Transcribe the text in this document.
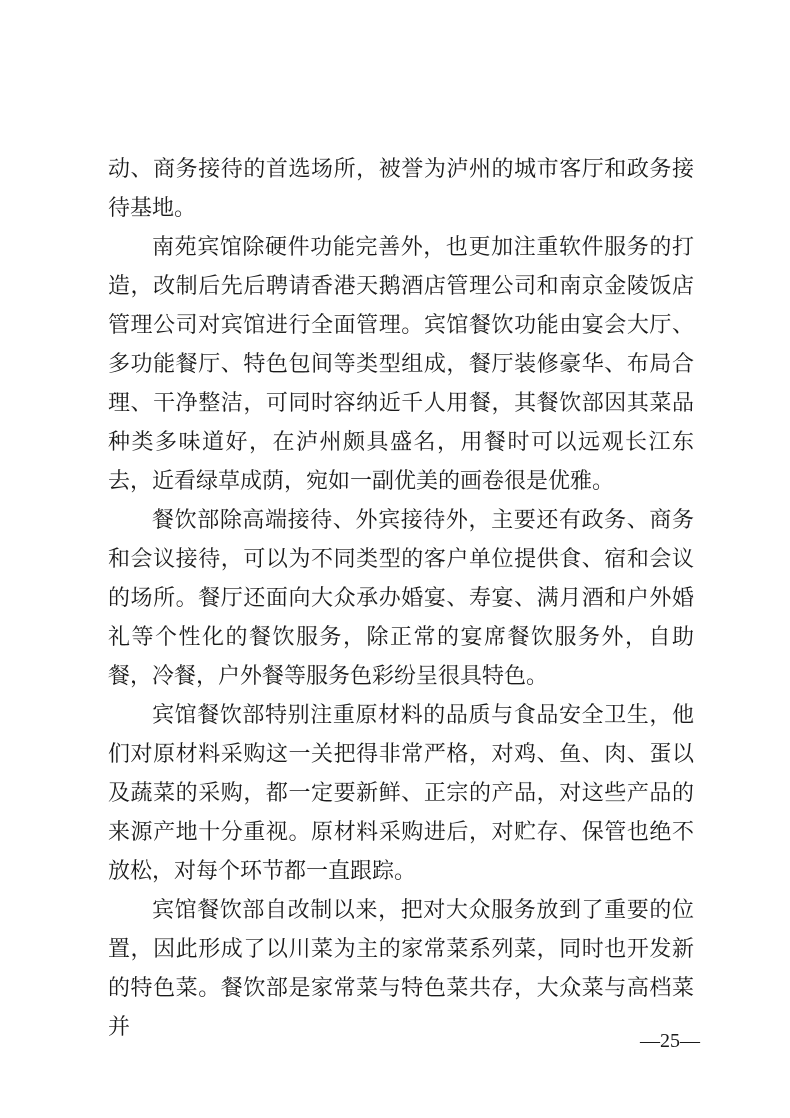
动、商务接待的首选场所，被誉为泸州的城市客厅和政务接待基地。

南苑宾馆除硬件功能完善外，也更加注重软件服务的打造，改制后先后聘请香港天鹅酒店管理公司和南京金陵饭店管理公司对宾馆进行全面管理。宾馆餐饮功能由宴会大厅、多功能餐厅、特色包间等类型组成，餐厅装修豪华、布局合理、干净整洁，可同时容纳近千人用餐，其餐饮部因其菜品种类多味道好，在泸州颇具盛名，用餐时可以远观长江东去，近看绿草成荫，宛如一副优美的画卷很是优雅。

餐饮部除高端接待、外宾接待外，主要还有政务、商务和会议接待，可以为不同类型的客户单位提供食、宿和会议的场所。餐厅还面向大众承办婚宴、寿宴、满月酒和户外婚礼等个性化的餐饮服务，除正常的宴席餐饮服务外，自助餐，冷餐，户外餐等服务色彩纷呈很具特色。

宾馆餐饮部特别注重原材料的品质与食品安全卫生，他们对原材料采购这一关把得非常严格，对鸡、鱼、肉、蛋以及蔬菜的采购，都一定要新鲜、正宗的产品，对这些产品的来源产地十分重视。原材料采购进后，对贮存、保管也绝不放松，对每个环节都一直跟踪。

宾馆餐饮部自改制以来，把对大众服务放到了重要的位置，因此形成了以川菜为主的家常菜系列菜，同时也开发新的特色菜。餐饮部是家常菜与特色菜共存，大众菜与高档菜并

—25—
